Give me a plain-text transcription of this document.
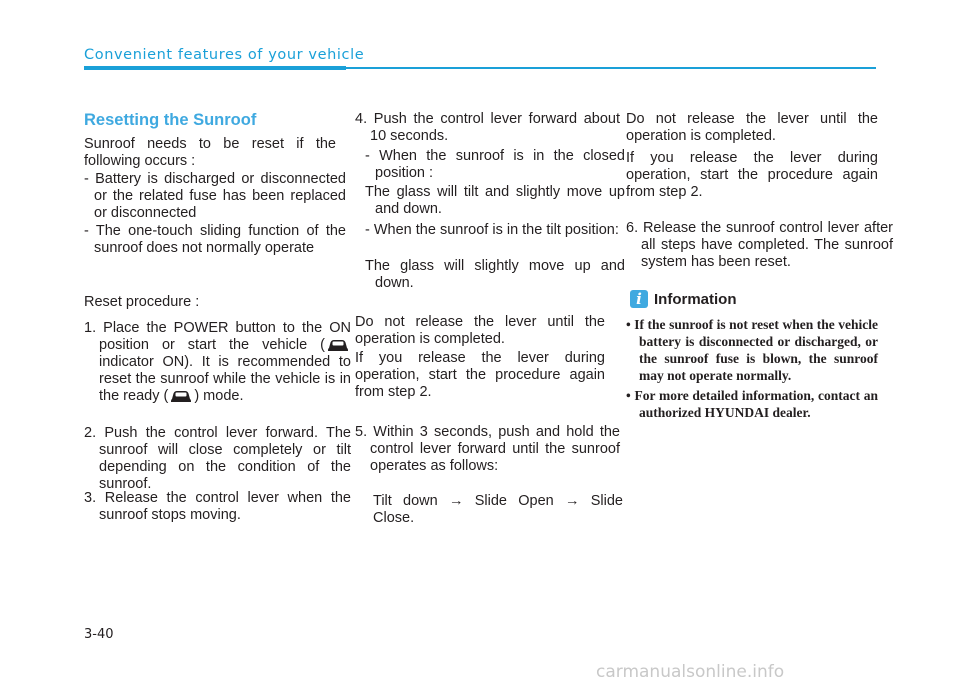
Convenient features of your vehicle
Resetting the Sunroof

Sunroof needs to be reset if the following occurs :

- Battery is discharged or disconnected or the related fuse has been replaced or disconnected

- The one-touch sliding function of the sunroof does not normally operate

Reset procedure :

1. Place the POWER button to the ON position or start the vehicle ( indicator ON). It is recommended to reset the sunroof while the vehicle is in the ready ( ) mode.

2. Push the control lever forward. The sunroof will close completely or tilt depending on the condition of the sunroof.

3. Release the control lever when the sunroof stops moving.

4. Push the control lever forward about 10 seconds.

- When the sunroof is in the closed position :

The glass will tilt and slightly move up and down.

- When the sunroof is in the tilt position:

The glass will slightly move up and down.

Do not release the lever until the operation is completed.

If you release the lever during operation, start the procedure again from step 2.

5. Within 3 seconds, push and hold the control lever forward until the sunroof operates as follows:

Tilt down → Slide Open → Slide Close.

Do not release the lever until the operation is completed.

If you release the lever during operation, start the procedure again from step 2.

6. Release the sunroof control lever after all steps have completed. The sunroof system has been reset.

i Information

• If the sunroof is not reset when the vehicle battery is disconnected or discharged, or the sunroof fuse is blown, the sunroof may not operate normally.

• For more detailed information, contact an authorized HYUNDAI dealer.

3-40
carmanualsonline.info
